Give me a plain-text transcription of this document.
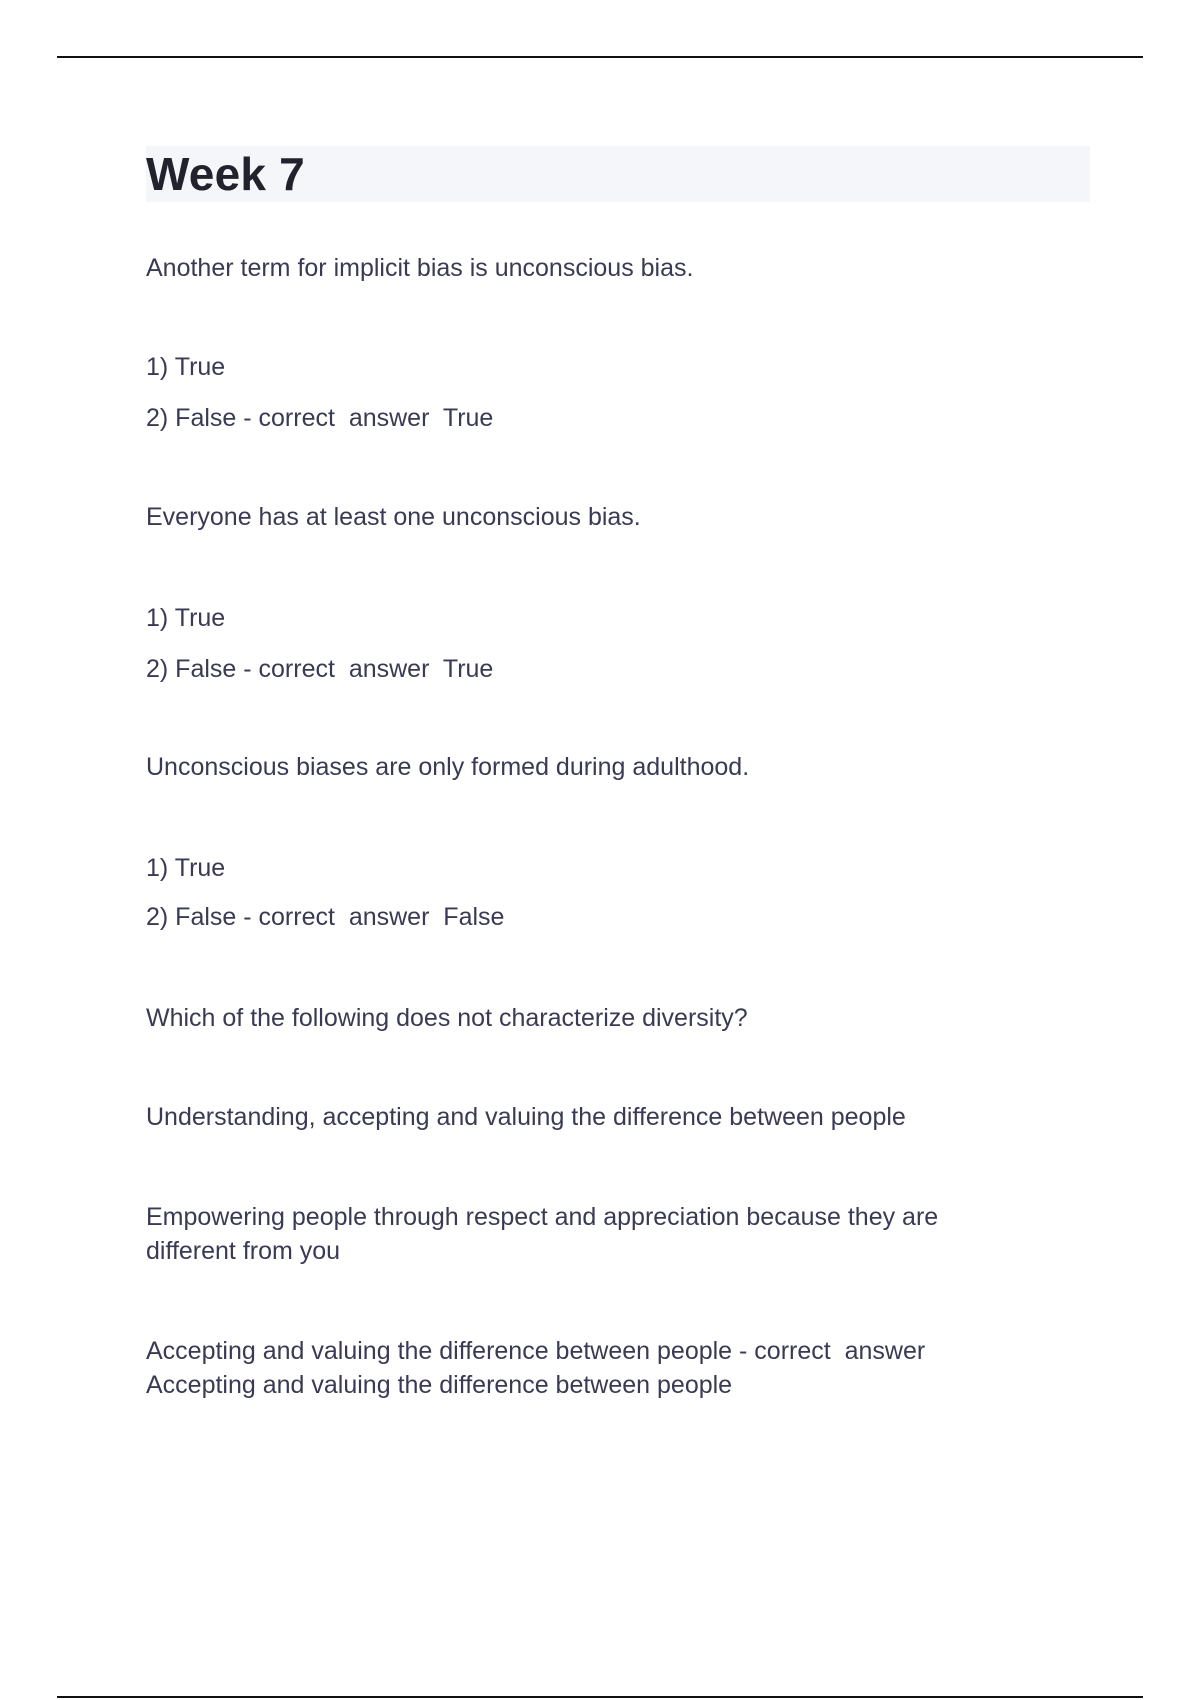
Week 7

Another term for implicit bias is unconscious bias.

1) True

2) False - correct  answer  True

Everyone has at least one unconscious bias.

1) True

2) False - correct  answer  True

Unconscious biases are only formed during adulthood.

1) True

2) False - correct  answer  False

Which of the following does not characterize diversity?

Understanding, accepting and valuing the difference between people

Empowering people through respect and appreciation because they are different from you

Accepting and valuing the difference between people - correct  answer Accepting and valuing the difference between people
